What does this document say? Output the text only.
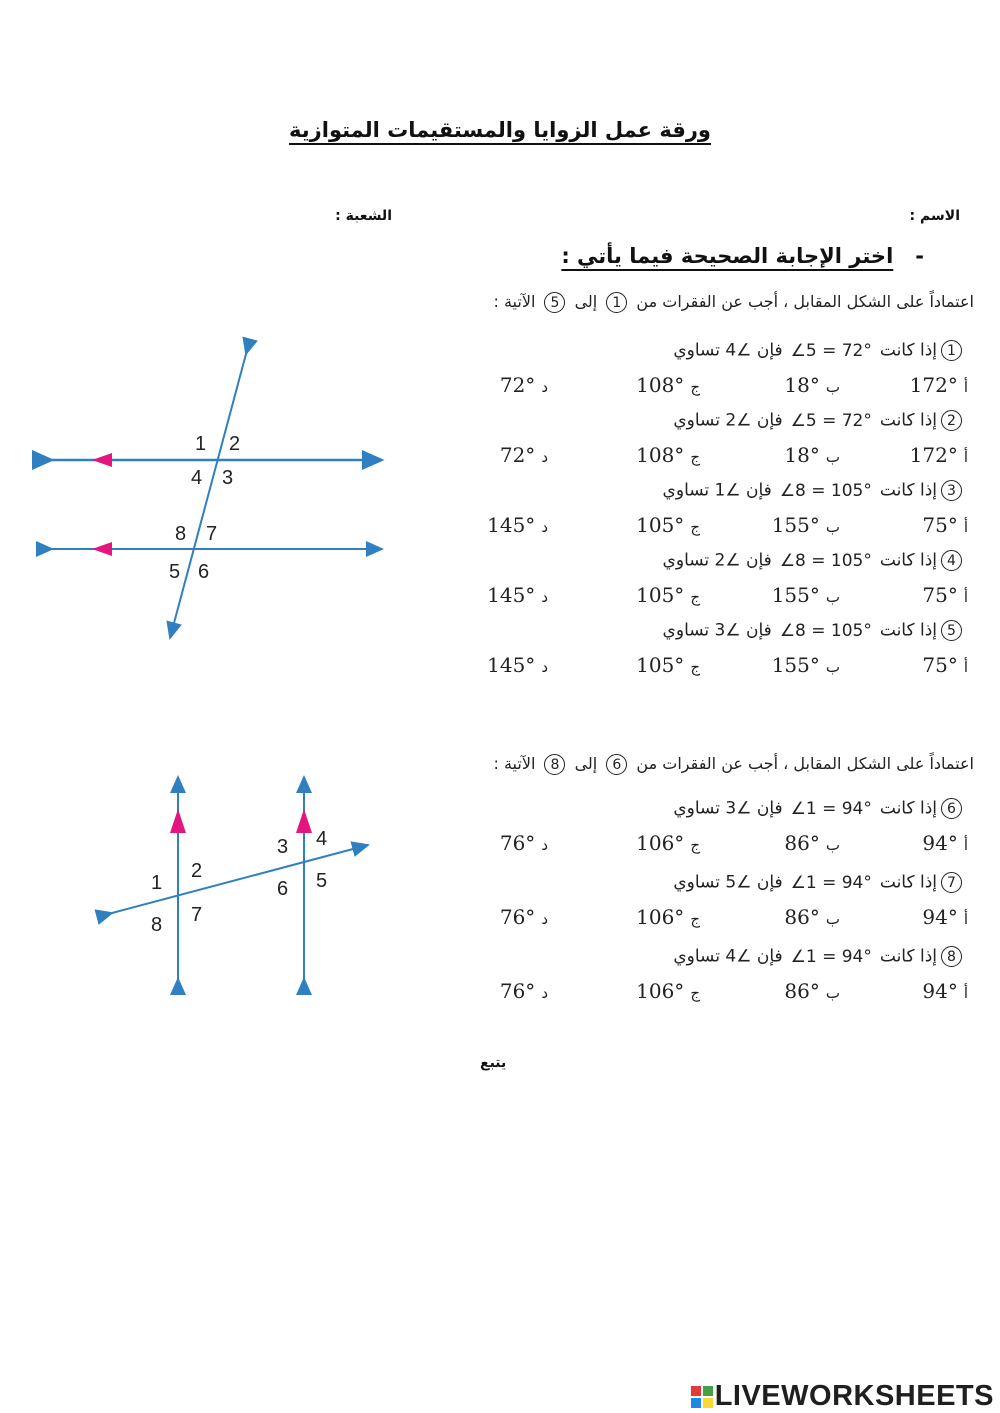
ورقة عمل الزوايا والمستقيمات المتوازية
الاسم :
الشعبة :
-اختر الإجابة الصحيحة فيما يأتي :
اعتماداً على الشكل المقابل ، أجب عن الفقرات من 1 إلى 5 الآتية :
1إذا كانت∠5 = 72°فإن ∠4 تساوي
أ172°
ب18°
ج108°
د72°
2إذا كانت∠5 = 72°فإن ∠2 تساوي
أ172°
ب18°
ج108°
د72°
3إذا كانت∠8 = 105°فإن ∠1 تساوي
أ75°
ب155°
ج105°
د145°
4إذا كانت∠8 = 105°فإن ∠2 تساوي
أ75°
ب155°
ج105°
د145°
5إذا كانت∠8 = 105°فإن ∠3 تساوي
أ75°
ب155°
ج105°
د145°
1 2
4 3
8 7
5 6
اعتماداً على الشكل المقابل ، أجب عن الفقرات من 6 إلى 8 الآتية :
6إذا كانت∠1 = 94°فإن ∠3 تساوي
أ94°
ب86°
ج106°
د76°
7إذا كانت∠1 = 94°فإن ∠5 تساوي
أ94°
ب86°
ج106°
د76°
8إذا كانت∠1 = 94°فإن ∠4 تساوي
أ94°
ب86°
ج106°
د76°
1
2
8 7
3 4
6 5
يتبع
LIVEWORKSHEETS
